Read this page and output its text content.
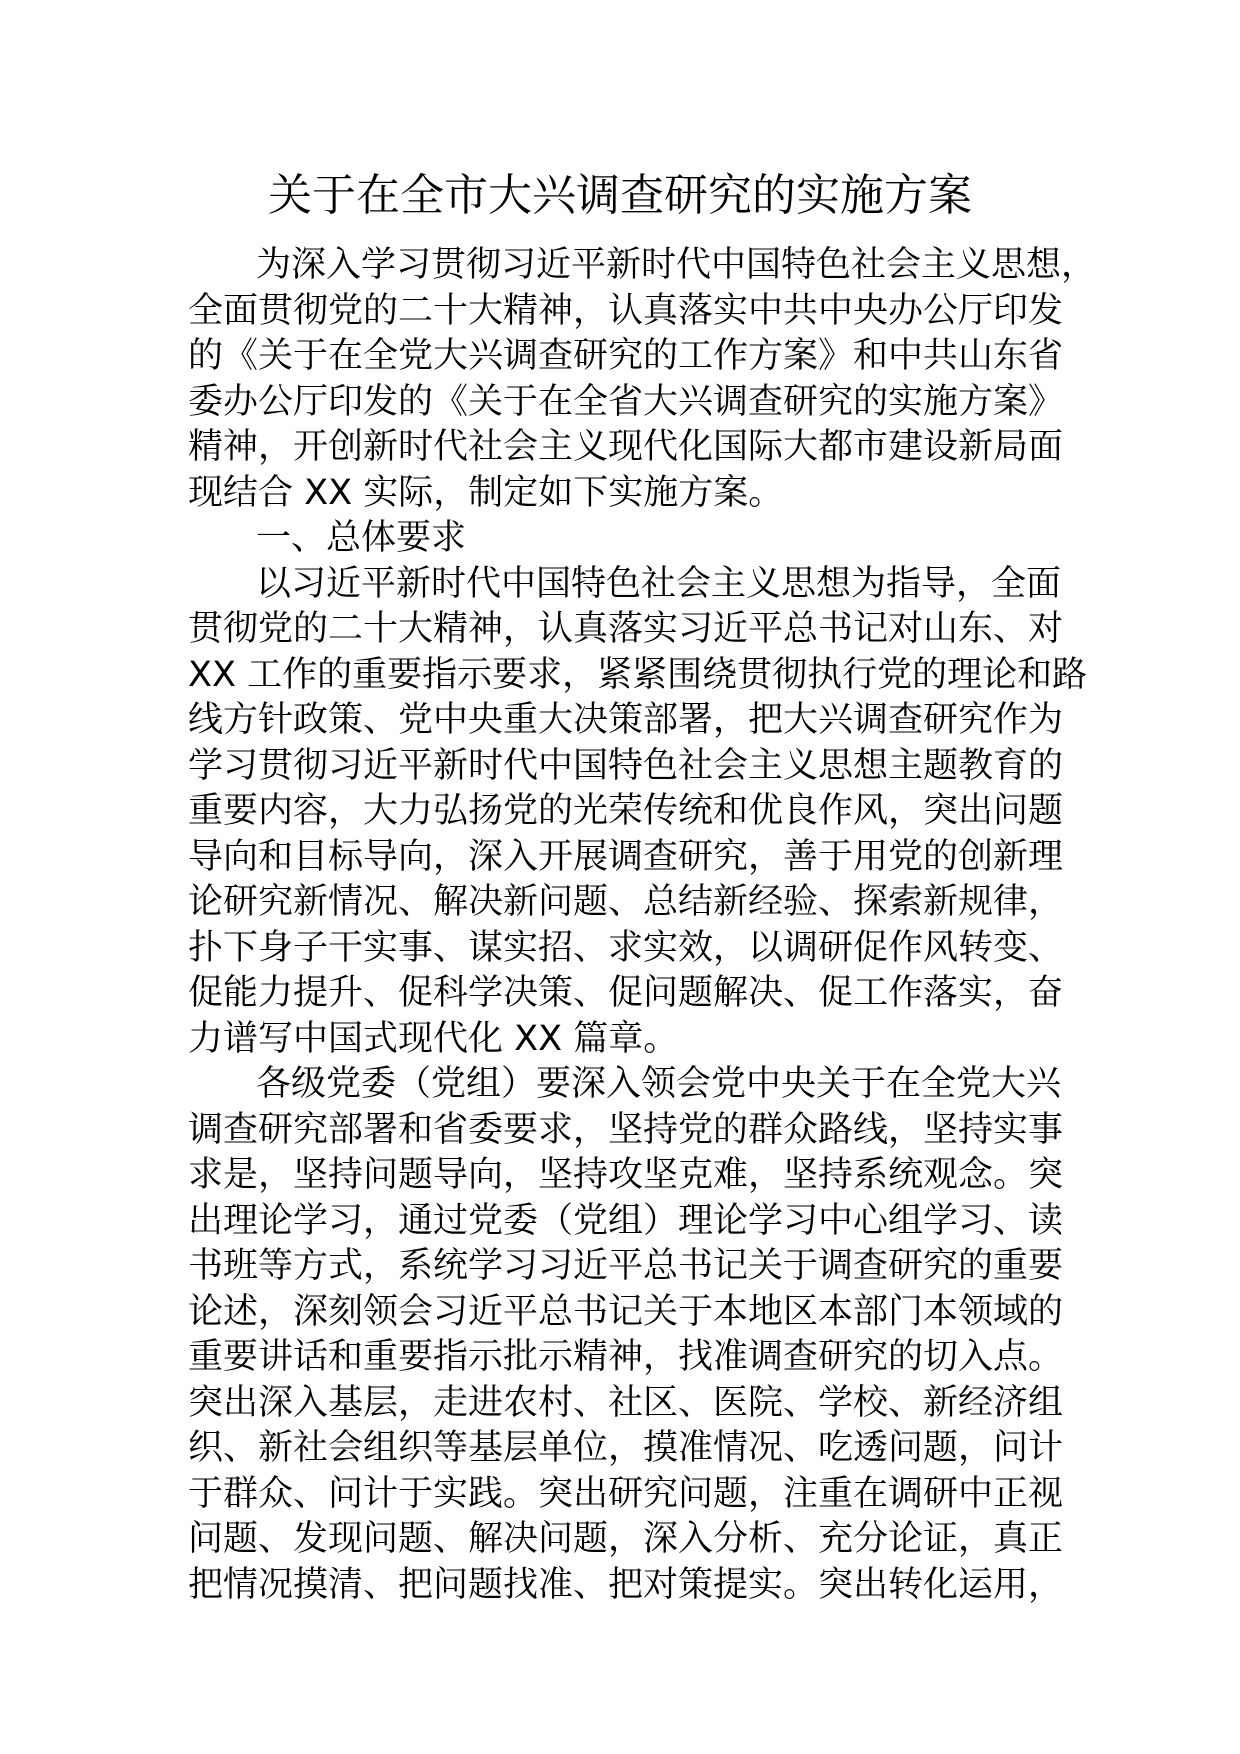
关于在全市大兴调查研究的实施方案
为深入学习贯彻习近平新时代中国特色社会主义思想，
全面贯彻党的二十大精神，认真落实中共中央办公厅印发
的《关于在全党大兴调查研究的工作方案》和中共山东省
委办公厅印发的《关于在全省大兴调查研究的实施方案》
精神，开创新时代社会主义现代化国际大都市建设新局面
现结合 XX 实际，制定如下实施方案。
一、总体要求
以习近平新时代中国特色社会主义思想为指导，全面
贯彻党的二十大精神，认真落实习近平总书记对山东、对
XX 工作的重要指示要求，紧紧围绕贯彻执行党的理论和路
线方针政策、党中央重大决策部署，把大兴调查研究作为
学习贯彻习近平新时代中国特色社会主义思想主题教育的
重要内容，大力弘扬党的光荣传统和优良作风，突出问题
导向和目标导向，深入开展调查研究，善于用党的创新理
论研究新情况、解决新问题、总结新经验、探索新规律，
扑下身子干实事、谋实招、求实效，以调研促作风转变、
促能力提升、促科学决策、促问题解决、促工作落实，奋
力谱写中国式现代化 XX 篇章。
各级党委（党组）要深入领会党中央关于在全党大兴
调查研究部署和省委要求，坚持党的群众路线，坚持实事
求是，坚持问题导向，坚持攻坚克难，坚持系统观念。突
出理论学习，通过党委（党组）理论学习中心组学习、读
书班等方式，系统学习习近平总书记关于调查研究的重要
论述，深刻领会习近平总书记关于本地区本部门本领域的
重要讲话和重要指示批示精神，找准调查研究的切入点。
突出深入基层，走进农村、社区、医院、学校、新经济组
织、新社会组织等基层单位，摸准情况、吃透问题，问计
于群众、问计于实践。突出研究问题，注重在调研中正视
问题、发现问题、解决问题，深入分析、充分论证，真正
把情况摸清、把问题找准、把对策提实。突出转化运用，
